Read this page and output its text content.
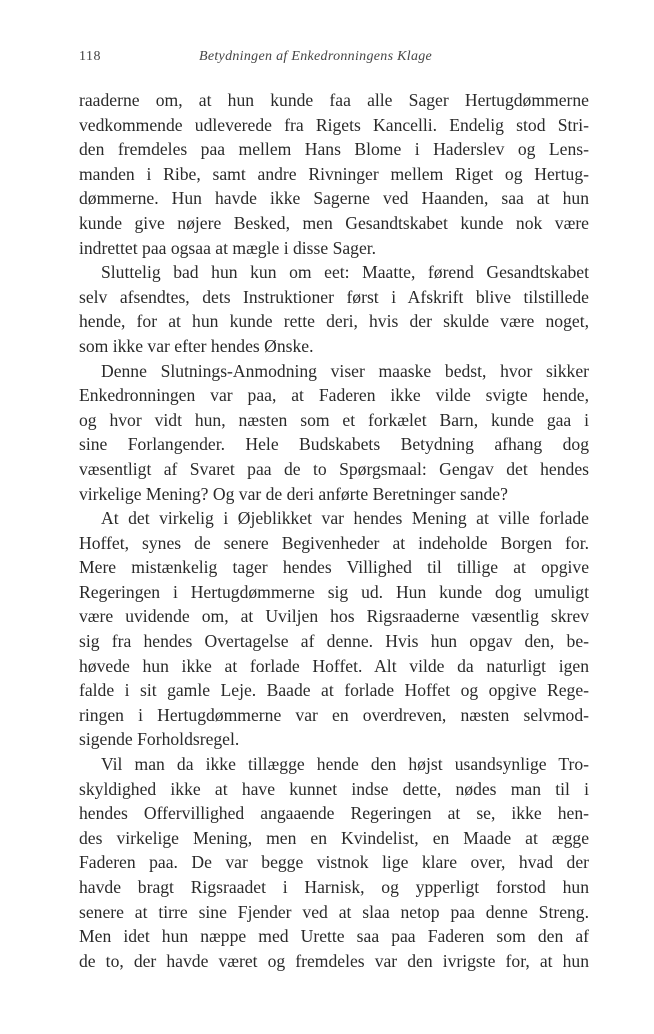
118	Betydningen af Enkedronningens Klage
raaderne om, at hun kunde faa alle Sager Hertugdømmerne
vedkommende udleverede fra Rigets Kancelli. Endelig stod Stri-
den fremdeles paa mellem Hans Blome i Haderslev og Lens-
manden i Ribe, samt andre Rivninger mellem Riget og Hertug-
dømmerne. Hun havde ikke Sagerne ved Haanden, saa at hun
kunde give nøjere Besked, men Gesandtskabet kunde nok være
indrettet paa ogsaa at mægle i disse Sager.
Sluttelig bad hun kun om eet: Maatte, førend Gesandtskabet
selv afsendtes, dets Instruktioner først i Afskrift blive tilstillede
hende, for at hun kunde rette deri, hvis der skulde være noget,
som ikke var efter hendes Ønske.
Denne Slutnings-Anmodning viser maaske bedst, hvor sikker
Enkedronningen var paa, at Faderen ikke vilde svigte hende,
og hvor vidt hun, næsten som et forkælet Barn, kunde gaa i
sine Forlangender. Hele Budskabets Betydning afhang dog
væsentligt af Svaret paa de to Spørgsmaal: Gengav det hendes
virkelige Mening? Og var de deri anførte Beretninger sande?
At det virkelig i Øjeblikket var hendes Mening at ville forlade
Hoffet, synes de senere Begivenheder at indeholde Borgen for.
Mere mistænkelig tager hendes Villighed til tillige at opgive
Regeringen i Hertugdømmerne sig ud. Hun kunde dog umuligt
være uvidende om, at Uviljen hos Rigsraaderne væsentlig skrev
sig fra hendes Overtagelse af denne. Hvis hun opgav den, be-
høvede hun ikke at forlade Hoffet. Alt vilde da naturligt igen
falde i sit gamle Leje. Baade at forlade Hoffet og opgive Rege-
ringen i Hertugdømmerne var en overdreven, næsten selvmod-
sigende Forholdsregel.
Vil man da ikke tillægge hende den højst usandsynlige Tro-
skyldighed ikke at have kunnet indse dette, nødes man til i
hendes Offervillighed angaaende Regeringen at se, ikke hen-
des virkelige Mening, men en Kvindelist, en Maade at ægge
Faderen paa. De var begge vistnok lige klare over, hvad der
havde bragt Rigsraadet i Harnisk, og ypperligt forstod hun
senere at tirre sine Fjender ved at slaa netop paa denne Streng.
Men idet hun næppe med Urette saa paa Faderen som den af
de to, der havde været og fremdeles var den ivrigste for, at hun
